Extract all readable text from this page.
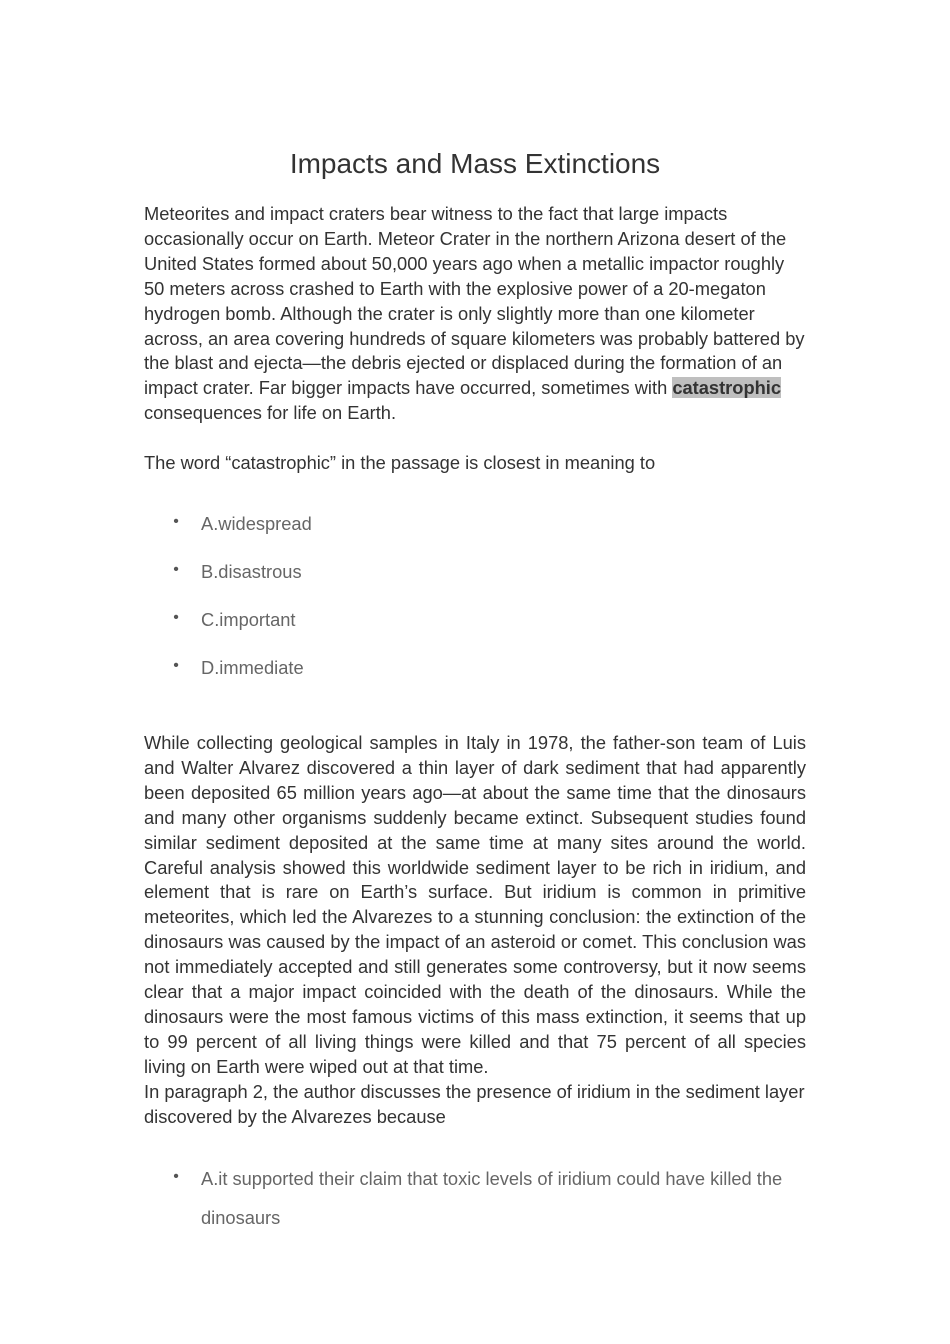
Impacts and Mass Extinctions

Meteorites and impact craters bear witness to the fact that large impacts occasionally occur on Earth. Meteor Crater in the northern Arizona desert of the United States formed about 50,000 years ago when a metallic impactor roughly 50 meters across crashed to Earth with the explosive power of a 20-megaton hydrogen bomb. Although the crater is only slightly more than one kilometer across, an area covering hundreds of square kilometers was probably battered by the blast and ejecta—the debris ejected or displaced during the formation of an impact crater. Far bigger impacts have occurred, sometimes with catastrophic consequences for life on Earth.

The word “catastrophic” in the passage is closest in meaning to

• A.widespread
• B.disastrous
• C.important
• D.immediate

While collecting geological samples in Italy in 1978, the father-son team of Luis and Walter Alvarez discovered a thin layer of dark sediment that had apparently been deposited 65 million years ago—at about the same time that the dinosaurs and many other organisms suddenly became extinct. Subsequent studies found similar sediment deposited at the same time at many sites around the world. Careful analysis showed this worldwide sediment layer to be rich in iridium, and element that is rare on Earth’s surface. But iridium is common in primitive meteorites, which led the Alvarezes to a stunning conclusion: the extinction of the dinosaurs was caused by the impact of an asteroid or comet. This conclusion was not immediately accepted and still generates some controversy, but it now seems clear that a major impact coincided with the death of the dinosaurs. While the dinosaurs were the most famous victims of this mass extinction, it seems that up to 99 percent of all living things were killed and that 75 percent of all species living on Earth were wiped out at that time.

In paragraph 2, the author discusses the presence of iridium in the sediment layer discovered by the Alvarezes because

• A.it supported their claim that toxic levels of iridium could have killed the dinosaurs
